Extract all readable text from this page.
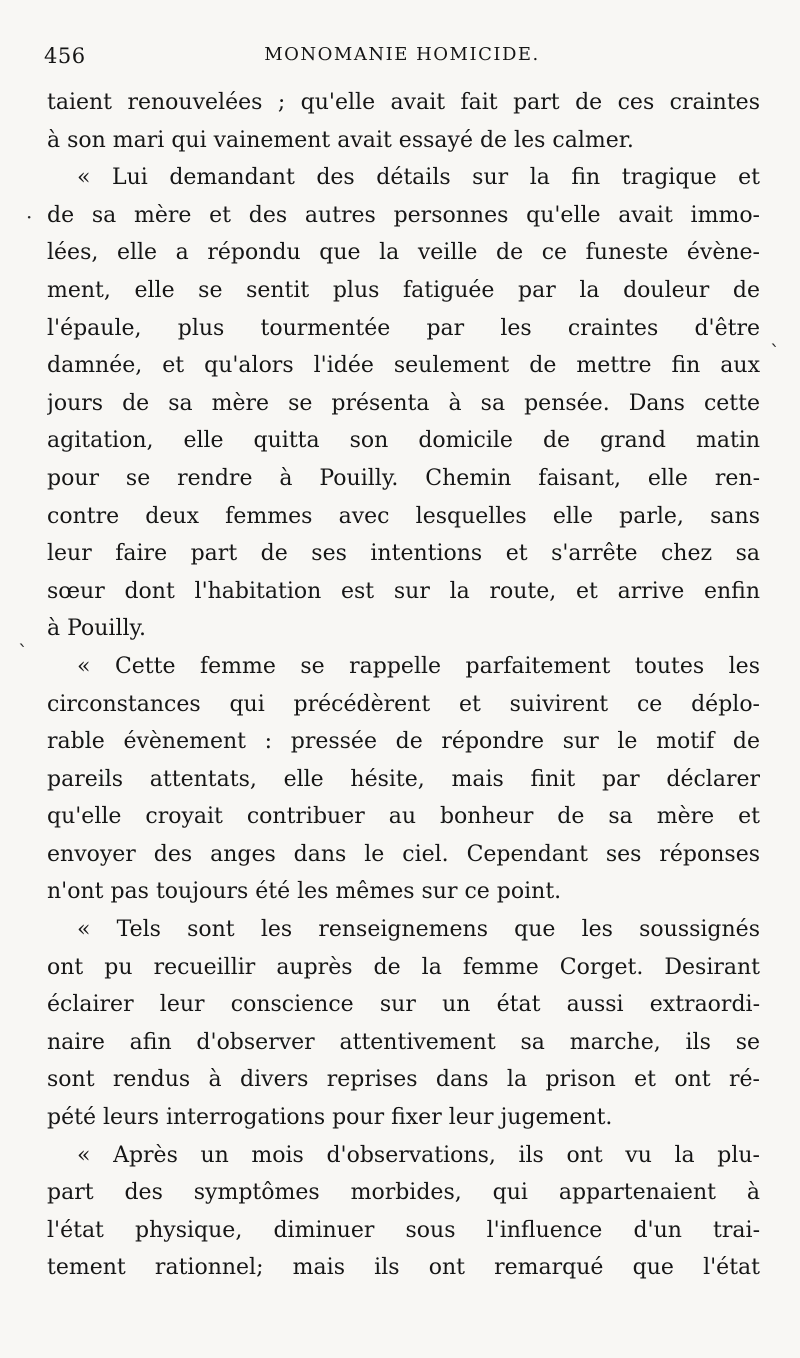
456	MONOMANIE HOMICIDE.
taient renouvelées ; qu'elle avait fait part de ces craintes
à son mari qui vainement avait essayé de les calmer.
« Lui demandant des détails sur la fin tragique et
de sa mère et des autres personnes qu'elle avait immo-
lées, elle a répondu que la veille de ce funeste évène-
ment, elle se sentit plus fatiguée par la douleur de
l'épaule, plus tourmentée par les craintes d'être
damnée, et qu'alors l'idée seulement de mettre fin aux
jours de sa mère se présenta à sa pensée. Dans cette
agitation, elle quitta son domicile de grand matin
pour se rendre à Pouilly. Chemin faisant, elle ren-
contre deux femmes avec lesquelles elle parle, sans
leur faire part de ses intentions et s'arrête chez sa
sœur dont l'habitation est sur la route, et arrive enfin
à Pouilly.
« Cette femme se rappelle parfaitement toutes les
circonstances qui précédèrent et suivirent ce déplo-
rable évènement : pressée de répondre sur le motif de
pareils attentats, elle hésite, mais finit par déclarer
qu'elle croyait contribuer au bonheur de sa mère et
envoyer des anges dans le ciel. Cependant ses réponses
n'ont pas toujours été les mêmes sur ce point.
« Tels sont les renseignemens que les soussignés
ont pu recueillir auprès de la femme Corget. Desirant
éclairer leur conscience sur un état aussi extraordi-
naire afin d'observer attentivement sa marche, ils se
sont rendus à divers reprises dans la prison et ont ré-
pété leurs interrogations pour fixer leur jugement.
« Après un mois d'observations, ils ont vu la plu-
part des symptômes morbides, qui appartenaient à
l'état physique, diminuer sous l'influence d'un trai-
tement rationnel; mais ils ont remarqué que l'état
·
ˋ
ˋ
